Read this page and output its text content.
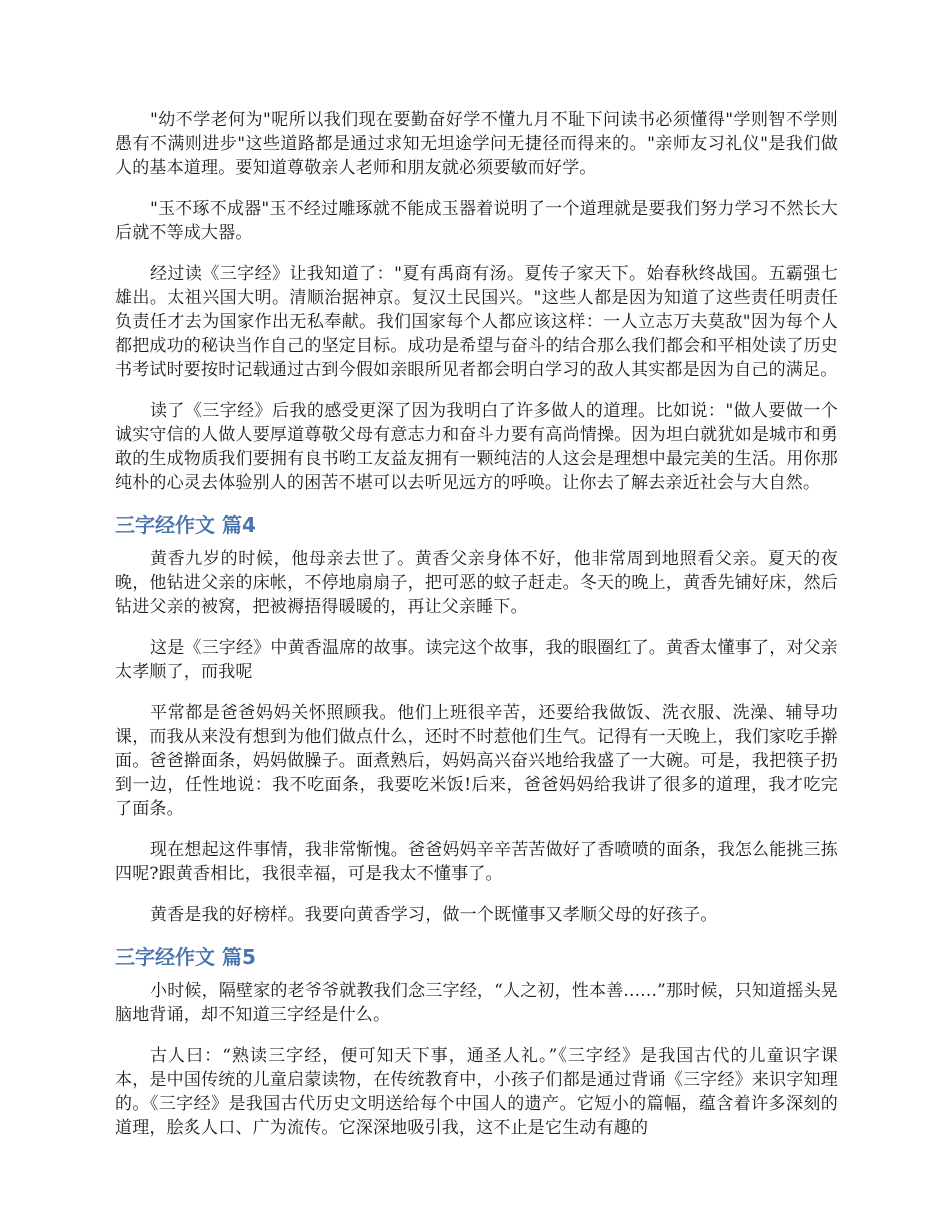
"幼不学老何为"呢所以我们现在要勤奋好学不懂九月不耻下问读书必须懂得"学则智不学则愚有不满则进步"这些道路都是通过求知无坦途学问无捷径而得来的。"亲师友习礼仪"是我们做人的基本道理。要知道尊敬亲人老师和朋友就必须要敏而好学。

"玉不琢不成器"玉不经过雕琢就不能成玉器着说明了一个道理就是要我们努力学习不然长大后就不等成大器。

经过读《三字经》让我知道了："夏有禹商有汤。夏传子家天下。始春秋终战国。五霸强七雄出。太祖兴国大明。清顺治据神京。复汉土民国兴。"这些人都是因为知道了这些责任明责任负责任才去为国家作出无私奉献。我们国家每个人都应该这样：一人立志万夫莫敌"因为每个人都把成功的秘诀当作自己的坚定目标。成功是希望与奋斗的结合那么我们都会和平相处读了历史书考试时要按时记载通过古到今假如亲眼所见者都会明白学习的敌人其实都是因为自己的满足。

读了《三字经》后我的感受更深了因为我明白了许多做人的道理。比如说："做人要做一个诚实守信的人做人要厚道尊敬父母有意志力和奋斗力要有高尚情操。因为坦白就犹如是城市和勇敢的生成物质我们要拥有良书哟工友益友拥有一颗纯洁的人这会是理想中最完美的生活。用你那纯朴的心灵去体验别人的困苦不堪可以去听见远方的呼唤。让你去了解去亲近社会与大自然。

三字经作文 篇4

黄香九岁的时候，他母亲去世了。黄香父亲身体不好，他非常周到地照看父亲。夏天的夜晚，他钻进父亲的床帐，不停地扇扇子，把可恶的蚊子赶走。冬天的晚上，黄香先铺好床，然后钻进父亲的被窝，把被褥捂得暖暖的，再让父亲睡下。

这是《三字经》中黄香温席的故事。读完这个故事，我的眼圈红了。黄香太懂事了，对父亲太孝顺了，而我呢

平常都是爸爸妈妈关怀照顾我。他们上班很辛苦，还要给我做饭、洗衣服、洗澡、辅导功课，而我从来没有想到为他们做点什么，还时不时惹他们生气。记得有一天晚上，我们家吃手擀面。爸爸擀面条，妈妈做臊子。面煮熟后，妈妈高兴奋兴地给我盛了一大碗。可是，我把筷子扔到一边，任性地说：我不吃面条，我要吃米饭!后来，爸爸妈妈给我讲了很多的道理，我才吃完了面条。

现在想起这件事情，我非常惭愧。爸爸妈妈辛辛苦苦做好了香喷喷的面条，我怎么能挑三拣四呢?跟黄香相比，我很幸福，可是我太不懂事了。

黄香是我的好榜样。我要向黄香学习，做一个既懂事又孝顺父母的好孩子。

三字经作文 篇5

小时候，隔壁家的老爷爷就教我们念三字经，“人之初，性本善......”那时候，只知道摇头晃脑地背诵，却不知道三字经是什么。

古人曰：“熟读三字经，便可知天下事，通圣人礼。”《三字经》是我国古代的儿童识字课本，是中国传统的儿童启蒙读物，在传统教育中，小孩子们都是通过背诵《三字经》来识字知理的。《三字经》是我国古代历史文明送给每个中国人的遗产。它短小的篇幅，蕴含着许多深刻的道理，脍炙人口、广为流传。它深深地吸引我，这不止是它生动有趣的
